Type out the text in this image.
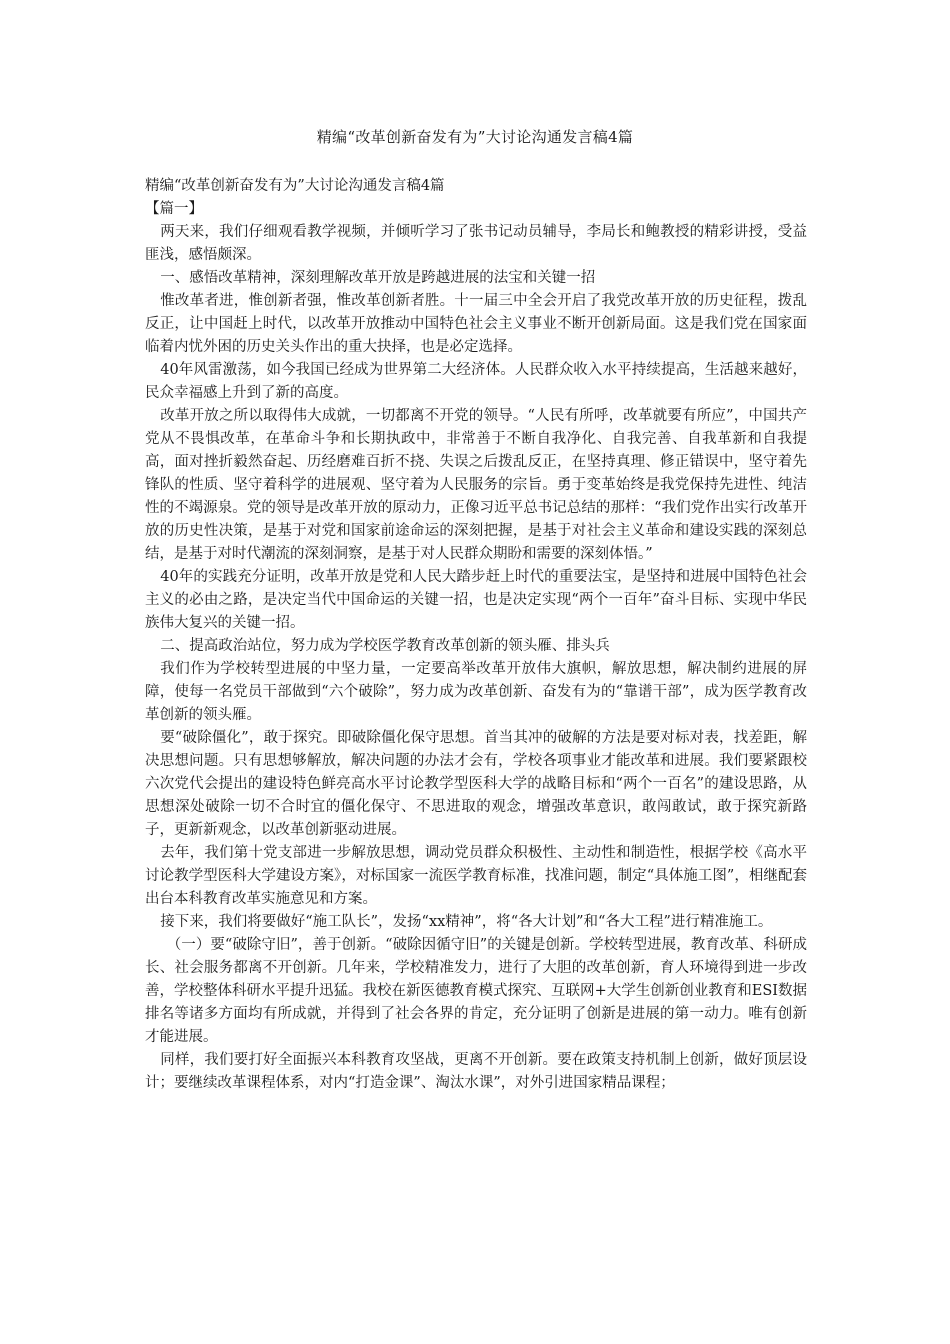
精编“改革创新奋发有为”大讨论沟通发言稿4篇

精编“改革创新奋发有为”大讨论沟通发言稿4篇

【篇一】

两天来，我们仔细观看教学视频，并倾听学习了张书记动员辅导，李局长和鲍教授的精彩讲授，受益匪浅，感悟颇深。

一、感悟改革精神，深刻理解改革开放是跨越进展的法宝和关键一招

惟改革者进，惟创新者强，惟改革创新者胜。十一届三中全会开启了我党改革开放的历史征程，拨乱反正，让中国赶上时代，以改革开放推动中国特色社会主义事业不断开创新局面。这是我们党在国家面临着内忧外困的历史关头作出的重大抉择，也是必定选择。

40年风雷激荡，如今我国已经成为世界第二大经济体。人民群众收入水平持续提高，生活越来越好，民众幸福感上升到了新的高度。

改革开放之所以取得伟大成就，一切都离不开党的领导。“人民有所呼，改革就要有所应”，中国共产党从不畏惧改革，在革命斗争和长期执政中，非常善于不断自我净化、自我完善、自我革新和自我提高，面对挫折毅然奋起、历经磨难百折不挠、失误之后拨乱反正，在坚持真理、修正错误中，坚守着先锋队的性质、坚守着科学的进展观、坚守着为人民服务的宗旨。勇于变革始终是我党保持先进性、纯洁性的不竭源泉。党的领导是改革开放的原动力，正像习近平总书记总结的那样：“我们党作出实行改革开放的历史性决策，是基于对党和国家前途命运的深刻把握，是基于对社会主义革命和建设实践的深刻总结，是基于对时代潮流的深刻洞察，是基于对人民群众期盼和需要的深刻体悟。”

40年的实践充分证明，改革开放是党和人民大踏步赶上时代的重要法宝，是坚持和进展中国特色社会主义的必由之路，是决定当代中国命运的关键一招，也是决定实现“两个一百年”奋斗目标、实现中华民族伟大复兴的关键一招。

二、提高政治站位，努力成为学校医学教育改革创新的领头雁、排头兵

我们作为学校转型进展的中坚力量，一定要高举改革开放伟大旗帜，解放思想，解决制约进展的屏障，使每一名党员干部做到“六个破除”，努力成为改革创新、奋发有为的“靠谱干部”，成为医学教育改革创新的领头雁。

要“破除僵化”，敢于探究。即破除僵化保守思想。首当其冲的破解的方法是要对标对表，找差距，解决思想问题。只有思想够解放，解决问题的办法才会有，学校各项事业才能改革和进展。我们要紧跟校六次党代会提出的建设特色鲜亮高水平讨论教学型医科大学的战略目标和“两个一百名”的建设思路，从思想深处破除一切不合时宜的僵化保守、不思进取的观念，增强改革意识，敢闯敢试，敢于探究新路子，更新新观念，以改革创新驱动进展。

去年，我们第十党支部进一步解放思想，调动党员群众积极性、主动性和制造性，根据学校《高水平讨论教学型医科大学建设方案》，对标国家一流医学教育标准，找准问题，制定“具体施工图”，相继配套出台本科教育改革实施意见和方案。

接下来，我们将要做好“施工队长”，发扬“xx精神”，将“各大计划”和“各大工程”进行精准施工。

（一）要“破除守旧”，善于创新。“破除因循守旧”的关键是创新。学校转型进展，教育改革、科研成长、社会服务都离不开创新。几年来，学校精准发力，进行了大胆的改革创新，育人环境得到进一步改善，学校整体科研水平提升迅猛。我校在新医德教育模式探究、互联网+大学生创新创业教育和ESI数据排名等诸多方面均有所成就，并得到了社会各界的肯定，充分证明了创新是进展的第一动力。唯有创新才能进展。

同样，我们要打好全面振兴本科教育攻坚战，更离不开创新。要在政策支持机制上创新，做好顶层设计；要继续改革课程体系，对内“打造金课”、淘汰水课”，对外引进国家精品课程；
